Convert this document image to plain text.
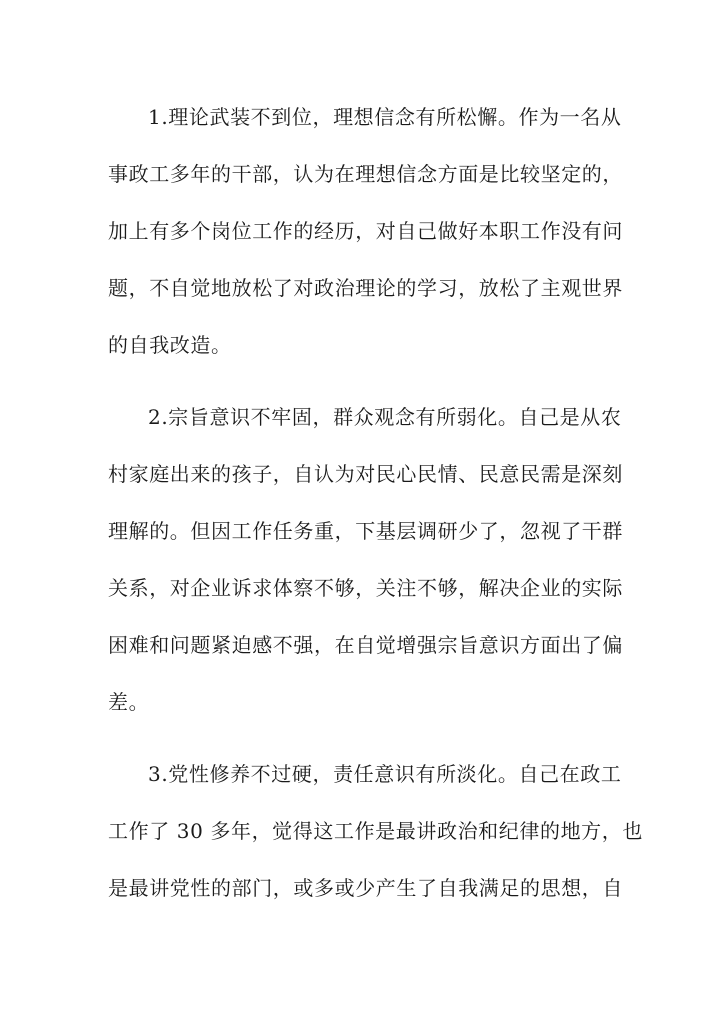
1.理论武装不到位，理想信念有所松懈。作为一名从
事政工多年的干部，认为在理想信念方面是比较坚定的，
加上有多个岗位工作的经历，对自己做好本职工作没有问
题，不自觉地放松了对政治理论的学习，放松了主观世界
的自我改造。
2.宗旨意识不牢固，群众观念有所弱化。自己是从农
村家庭出来的孩子，自认为对民心民情、民意民需是深刻
理解的。但因工作任务重，下基层调研少了，忽视了干群
关系，对企业诉求体察不够，关注不够，解决企业的实际
困难和问题紧迫感不强，在自觉增强宗旨意识方面出了偏
差。
3.党性修养不过硬，责任意识有所淡化。自己在政工
工作了 30 多年，觉得这工作是最讲政治和纪律的地方，也
是最讲党性的部门，或多或少产生了自我满足的思想，自
